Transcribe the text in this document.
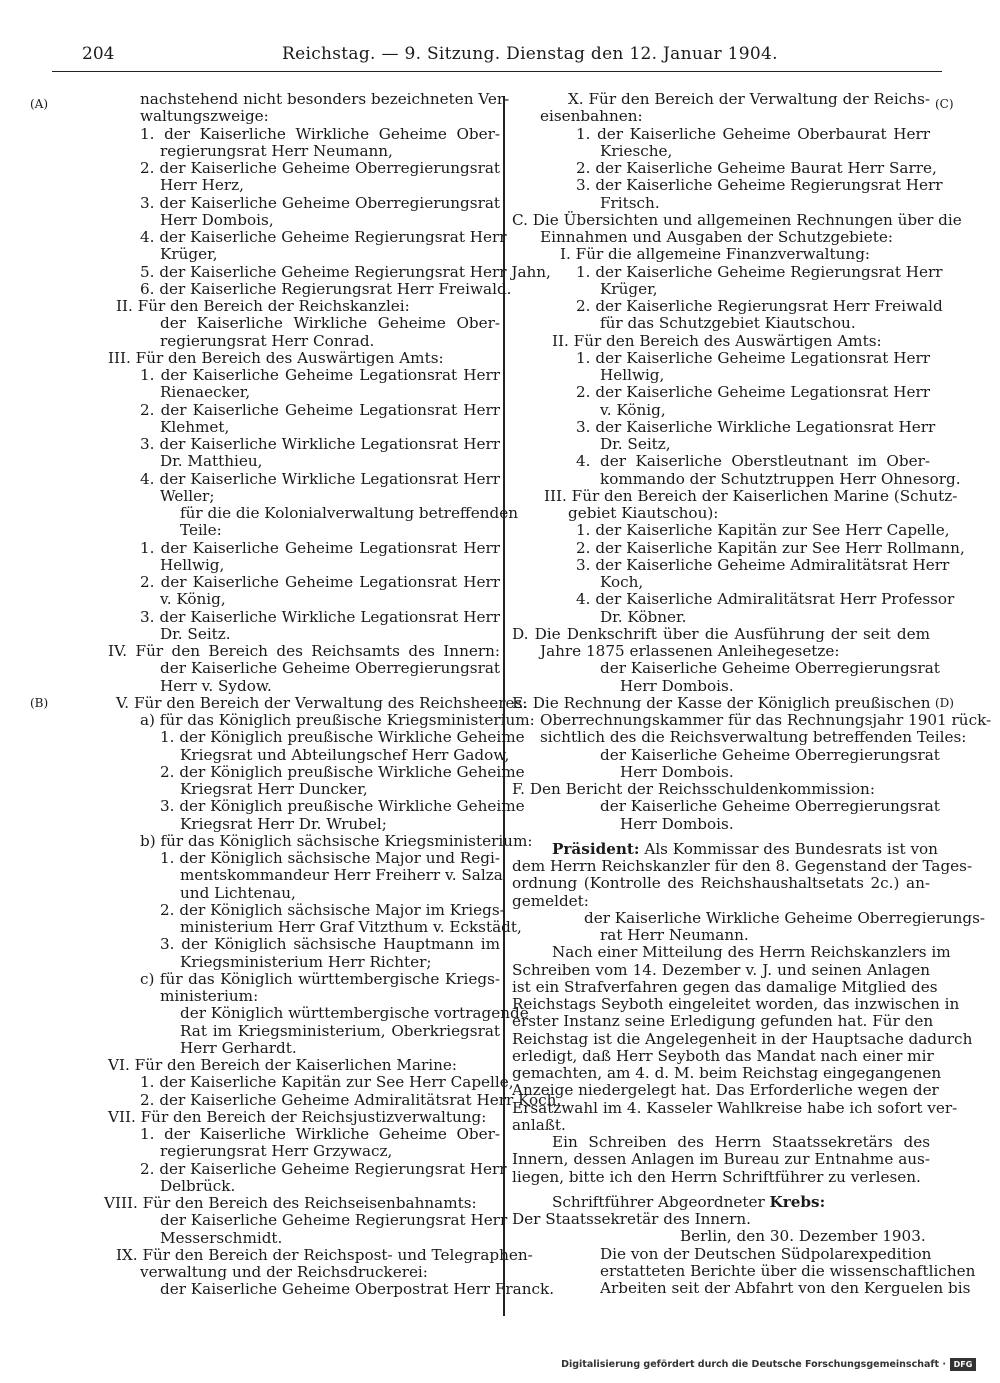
204	Reichstag. — 9. Sitzung. Dienstag den 12. Januar 1904.
(A)
(B)
(C)
(D)
nachstehend nicht besonders bezeichneten Ver-
waltungszweige:
1. der Kaiserliche Wirkliche Geheime Ober-
regierungsrat Herr Neumann,
2. der Kaiserliche Geheime Oberregierungsrat
Herr Herz,
3. der Kaiserliche Geheime Oberregierungsrat
Herr Dombois,
4. der Kaiserliche Geheime Regierungsrat Herr
Krüger,
5. der Kaiserliche Geheime Regierungsrat Herr Jahn,
6. der Kaiserliche Regierungsrat Herr Freiwald.
II. Für den Bereich der Reichskanzlei:
der Kaiserliche Wirkliche Geheime Ober-
regierungsrat Herr Conrad.
III. Für den Bereich des Auswärtigen Amts:
1. der Kaiserliche Geheime Legationsrat Herr
Rienaecker,
2. der Kaiserliche Geheime Legationsrat Herr
Klehmet,
3. der Kaiserliche Wirkliche Legationsrat Herr
Dr. Matthieu,
4. der Kaiserliche Wirkliche Legationsrat Herr
Weller;
für die die Kolonialverwaltung betreffenden
Teile:
1. der Kaiserliche Geheime Legationsrat Herr
Hellwig,
2. der Kaiserliche Geheime Legationsrat Herr
v. König,
3. der Kaiserliche Wirkliche Legationsrat Herr
Dr. Seitz.
IV. Für den Bereich des Reichsamts des Innern:
der Kaiserliche Geheime Oberregierungsrat
Herr v. Sydow.
V. Für den Bereich der Verwaltung des Reichsheeres:
a) für das Königlich preußische Kriegsministerium:
1. der Königlich preußische Wirkliche Geheime
Kriegsrat und Abteilungschef Herr Gadow,
2. der Königlich preußische Wirkliche Geheime
Kriegsrat Herr Duncker,
3. der Königlich preußische Wirkliche Geheime
Kriegsrat Herr Dr. Wrubel;
b) für das Königlich sächsische Kriegsministerium:
1. der Königlich sächsische Major und Regi-
mentskommandeur Herr Freiherr v. Salza
und Lichtenau,
2. der Königlich sächsische Major im Kriegs-
ministerium Herr Graf Vitzthum v. Eckstädt,
3. der Königlich sächsische Hauptmann im
Kriegsministerium Herr Richter;
c) für das Königlich württembergische Kriegs-
ministerium:
der Königlich württembergische vortragende
Rat im Kriegsministerium, Oberkriegsrat
Herr Gerhardt.
VI. Für den Bereich der Kaiserlichen Marine:
1. der Kaiserliche Kapitän zur See Herr Capelle,
2. der Kaiserliche Geheime Admiralitätsrat Herr Koch.
VII. Für den Bereich der Reichsjustizverwaltung:
1. der Kaiserliche Wirkliche Geheime Ober-
regierungsrat Herr Grzywacz,
2. der Kaiserliche Geheime Regierungsrat Herr
Delbrück.
VIII. Für den Bereich des Reichseisenbahnamts:
der Kaiserliche Geheime Regierungsrat Herr
Messerschmidt.
IX. Für den Bereich der Reichspost- und Telegraphen-
verwaltung und der Reichsdruckerei:
der Kaiserliche Geheime Oberpostrat Herr Franck.
X. Für den Bereich der Verwaltung der Reichs-
eisenbahnen:
1. der Kaiserliche Geheime Oberbaurat Herr
Kriesche,
2. der Kaiserliche Geheime Baurat Herr Sarre,
3. der Kaiserliche Geheime Regierungsrat Herr
Fritsch.
C. Die Übersichten und allgemeinen Rechnungen über die
Einnahmen und Ausgaben der Schutzgebiete:
I. Für die allgemeine Finanzverwaltung:
1. der Kaiserliche Geheime Regierungsrat Herr
Krüger,
2. der Kaiserliche Regierungsrat Herr Freiwald
für das Schutzgebiet Kiautschou.
II. Für den Bereich des Auswärtigen Amts:
1. der Kaiserliche Geheime Legationsrat Herr
Hellwig,
2. der Kaiserliche Geheime Legationsrat Herr
v. König,
3. der Kaiserliche Wirkliche Legationsrat Herr
Dr. Seitz,
4. der Kaiserliche Oberstleutnant im Ober-
kommando der Schutztruppen Herr Ohnesorg.
III. Für den Bereich der Kaiserlichen Marine (Schutz-
gebiet Kiautschou):
1. der Kaiserliche Kapitän zur See Herr Capelle,
2. der Kaiserliche Kapitän zur See Herr Rollmann,
3. der Kaiserliche Geheime Admiralitätsrat Herr
Koch,
4. der Kaiserliche Admiralitätsrat Herr Professor
Dr. Köbner.
D. Die Denkschrift über die Ausführung der seit dem
Jahre 1875 erlassenen Anleihegesetze:
der Kaiserliche Geheime Oberregierungsrat
Herr Dombois.
E. Die Rechnung der Kasse der Königlich preußischen
Oberrechnungskammer für das Rechnungsjahr 1901 rück-
sichtlich des die Reichsverwaltung betreffenden Teiles:
der Kaiserliche Geheime Oberregierungsrat
Herr Dombois.
F. Den Bericht der Reichsschuldenkommission:
der Kaiserliche Geheime Oberregierungsrat
Herr Dombois.
Präsident: Als Kommissar des Bundesrats ist von
dem Herrn Reichskanzler für den 8. Gegenstand der Tages-
ordnung (Kontrolle des Reichshaushaltsetats 2c.) an-
gemeldet:
der Kaiserliche Wirkliche Geheime Oberregierungs-
rat Herr Neumann.
Nach einer Mitteilung des Herrn Reichskanzlers im
Schreiben vom 14. Dezember v. J. und seinen Anlagen
ist ein Strafverfahren gegen das damalige Mitglied des
Reichstags Seyboth eingeleitet worden, das inzwischen in
erster Instanz seine Erledigung gefunden hat. Für den
Reichstag ist die Angelegenheit in der Hauptsache dadurch
erledigt, daß Herr Seyboth das Mandat nach einer mir
gemachten, am 4. d. M. beim Reichstag eingegangenen
Anzeige niedergelegt hat. Das Erforderliche wegen der
Ersatzwahl im 4. Kasseler Wahlkreise habe ich sofort ver-
anlaßt.
Ein Schreiben des Herrn Staatssekretärs des
Innern, dessen Anlagen im Bureau zur Entnahme aus-
liegen, bitte ich den Herrn Schriftführer zu verlesen.
Schriftführer Abgeordneter Krebs:
Der Staatssekretär des Innern.
Berlin, den 30. Dezember 1903.
Die von der Deutschen Südpolarexpedition
erstatteten Berichte über die wissenschaftlichen
Arbeiten seit der Abfahrt von den Kerguelen bis
Digitalisierung gefördert durch die Deutsche Forschungsgemeinschaft · DFG
